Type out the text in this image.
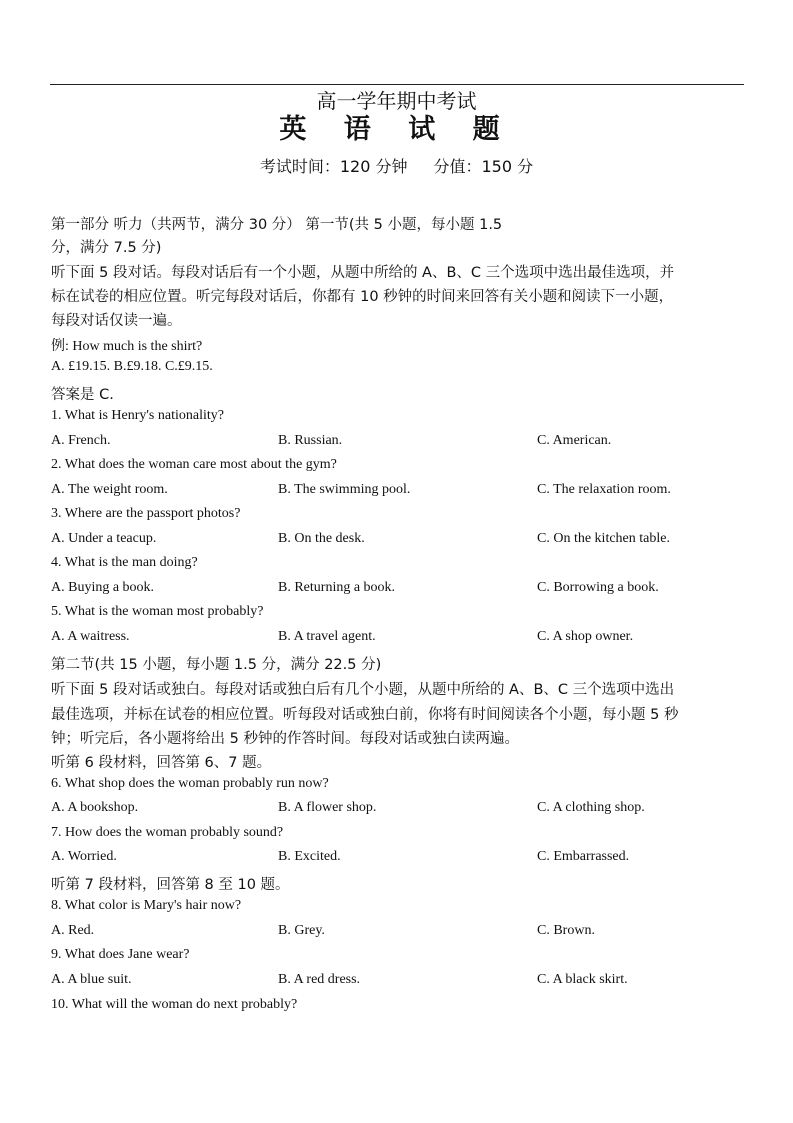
高一学年期中考试
英 语 试 题
考试时间：120 分钟 分值：150 分
第一部分 听力（共两节，满分 30 分） 第一节(共 5 小题，每小题 1.5
分，满分 7.5 分)
听下面 5 段对话。每段对话后有一个小题，从题中所给的 A、B、C 三个选项中选出最佳选项，并
标在试卷的相应位置。听完每段对话后，你都有 10 秒钟的时间来回答有关小题和阅读下一小题，
每段对话仅读一遍。
例: How much is the shirt?
A. £19.15. B.£9.18. C.£9.15.
答案是 C.
1. What is Henry's nationality?
A. French.	B. Russian.	C. American.
2. What does the woman care most about the gym?
A. The weight room.	B. The swimming pool.	C. The relaxation room.
3. Where are the passport photos?
A. Under a teacup.	B. On the desk.	C. On the kitchen table.
4. What is the man doing?
A. Buying a book.	B. Returning a book.	C. Borrowing a book.
5. What is the woman most probably?
A. A waitress.	B. A travel agent.	C. A shop owner.
第二节(共 15 小题，每小题 1.5 分，满分 22.5 分)
听下面 5 段对话或独白。每段对话或独白后有几个小题，从题中所给的 A、B、C 三个选项中选出
最佳选项，并标在试卷的相应位置。听每段对话或独白前，你将有时间阅读各个小题，每小题 5 秒
钟；听完后，各小题将给出 5 秒钟的作答时间。每段对话或独白读两遍。
听第 6 段材料，回答第 6、7 题。
6. What shop does the woman probably run now?
A. A bookshop.	B. A flower shop.	C. A clothing shop.
7. How does the woman probably sound?
A. Worried.	B. Excited.	C. Embarrassed.
听第 7 段材料，回答第 8 至 10 题。
8. What color is Mary's hair now?
A. Red.	B. Grey.	C. Brown.
9. What does Jane wear?
A. A blue suit.	B. A red dress.	C. A black skirt.
10. What will the woman do next probably?
